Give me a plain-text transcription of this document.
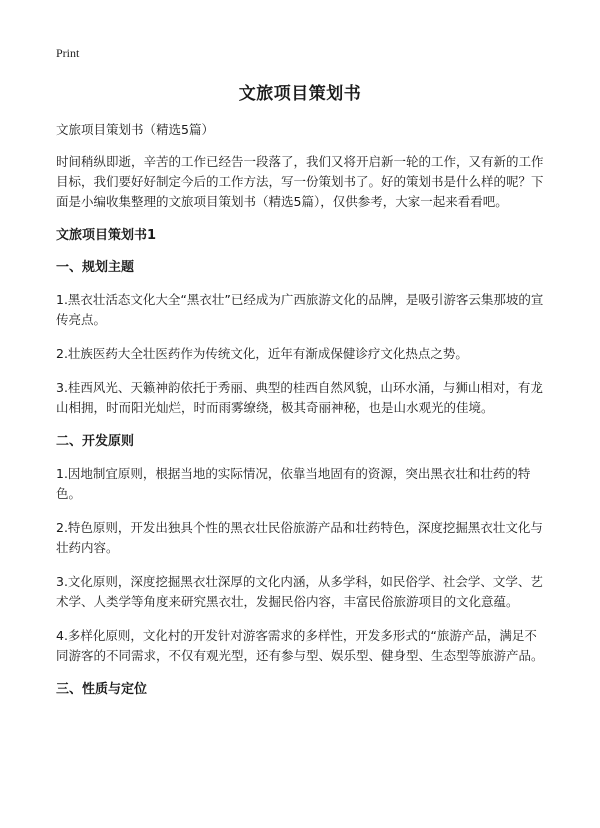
Print
文旅项目策划书

文旅项目策划书（精选5篇）

时间稍纵即逝，辛苦的工作已经告一段落了，我们又将开启新一轮的工作，又有新的工作目标，我们要好好制定今后的工作方法，写一份策划书了。好的策划书是什么样的呢？下面是小编收集整理的文旅项目策划书（精选5篇），仅供参考，大家一起来看看吧。

文旅项目策划书1

一、规划主题

1.黑衣壮活态文化大全“黑衣壮”已经成为广西旅游文化的品牌，是吸引游客云集那坡的宣传亮点。

2.壮族医药大全壮医药作为传统文化，近年有渐成保健诊疗文化热点之势。

3.桂西风光、天籁神韵依托于秀丽、典型的桂西自然风貌，山环水涌，与狮山相对，有龙山相拥，时而阳光灿烂，时而雨雾缭绕，极其奇丽神秘，也是山水观光的佳境。

二、开发原则

1.因地制宜原则，根据当地的实际情况，依靠当地固有的资源，突出黑衣壮和壮药的特色。

2.特色原则，开发出独具个性的黑衣壮民俗旅游产品和壮药特色，深度挖掘黑衣壮文化与壮药内容。

3.文化原则，深度挖掘黑衣壮深厚的文化内涵，从多学科，如民俗学、社会学、文学、艺术学、人类学等角度来研究黑衣壮，发掘民俗内容，丰富民俗旅游项目的文化意蕴。

4.多样化原则，文化村的开发针对游客需求的多样性，开发多形式的“旅游产品，满足不同游客的不同需求，不仅有观光型，还有参与型、娱乐型、健身型、生态型等旅游产品。

三、性质与定位
